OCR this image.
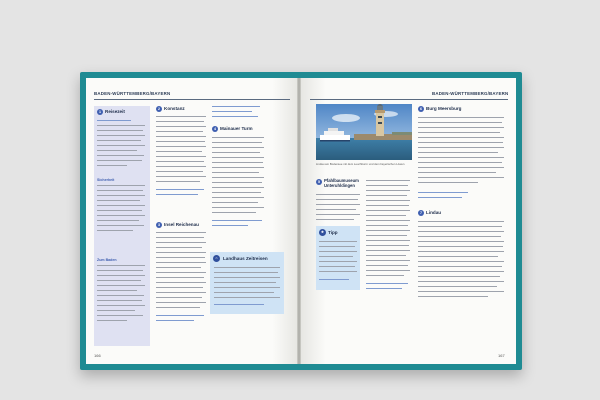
BADEN-WÜRTTEMBERG/BAYERN	BADEN-WÜRTTEMBERG/BAYERN
1 Reisezeit
Sicherheit
Zum Baden
2 Konstanz
3 Insel Reichenau
4 Mainauer Turm
⌂	Landhaus Zeitreisen
166
Lindau am Bodensee mit dem Leuchtturm und dem bayerischen Löwen
5 Pfahlbaumuseum Unteruhldingen
★ Tipp
6 Burg Meersburg
7 Lindau
167
